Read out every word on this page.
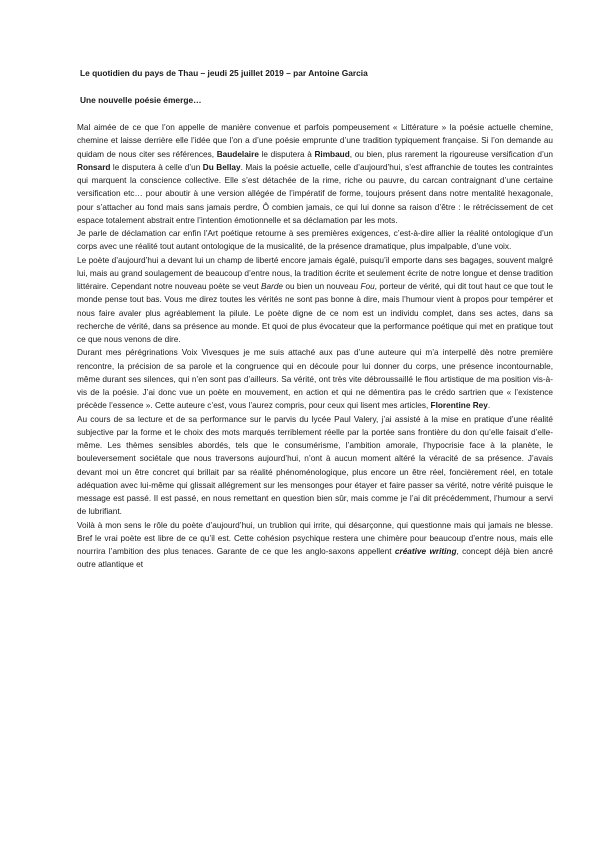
Le quotidien du pays de Thau – jeudi 25 juillet 2019 – par Antoine Garcia
Une nouvelle poésie émerge…

Mal aimée de ce que l’on appelle de manière convenue et parfois pompeusement « Littérature » la poésie actuelle chemine, chemine et laisse derrière elle l’idée que l’on a d’une poésie emprunte d’une tradition typiquement française. Si l’on demande au quidam de nous citer ses références, Baudelaire le disputera à Rimbaud, ou bien, plus rarement la rigoureuse versification d’un Ronsard le disputera à celle d’un Du Bellay. Mais la poésie actuelle, celle d’aujourd’hui, s’est affranchie de toutes les contraintes qui marquent la conscience collective. Elle s’est détachée de la rime, riche ou pauvre, du carcan contraignant d’une certaine versification etc… pour aboutir à une version allégée de l’impératif de forme, toujours présent dans notre mentalité hexagonale, pour s’attacher au fond mais sans jamais perdre, Ô combien jamais, ce qui lui donne sa raison d’être : le rétrécissement de cet espace totalement abstrait entre l’intention émotionnelle et sa déclamation par les mots.

Je parle de déclamation car enfin l’Art poétique retourne à ses premières exigences, c’est-à-dire allier la réalité ontologique d’un corps avec une réalité tout autant ontologique de la musicalité, de la présence dramatique, plus impalpable, d’une voix.

Le poète d’aujourd’hui a devant lui un champ de liberté encore jamais égalé, puisqu’il emporte dans ses bagages, souvent malgré lui, mais au grand soulagement de beaucoup d’entre nous, la tradition écrite et seulement écrite de notre longue et dense tradition littéraire. Cependant notre nouveau poète se veut Barde ou bien un nouveau Fou, porteur de vérité, qui dit tout haut ce que tout le monde pense tout bas. Vous me direz toutes les vérités ne sont pas bonne à dire, mais l’humour vient à propos pour tempérer et nous faire avaler plus agréablement la pilule. Le poète digne de ce nom est un individu complet, dans ses actes, dans sa recherche de vérité, dans sa présence au monde. Et quoi de plus évocateur que la performance poétique qui met en pratique tout ce que nous venons de dire.

Durant mes pérégrinations Voix Vivesques je me suis attaché aux pas d’une auteure qui m’a interpellé dès notre première rencontre, la précision de sa parole et la congruence qui en découle pour lui donner du corps, une présence incontournable, même durant ses silences, qui n’en sont pas d’ailleurs. Sa vérité, ont très vite débroussaillé le flou artistique de ma position vis-à-vis de la poésie. J’ai donc vue un poète en mouvement, en action et qui ne démentira pas le crédo sartrien que « l’existence précède l’essence ». Cette auteure c’est, vous l’aurez compris, pour ceux qui lisent mes articles, Florentine Rey.

Au cours de sa lecture et de sa performance sur le parvis du lycée Paul Valery, j’ai assisté à la mise en pratique d’une réalité subjective par la forme et le choix des mots marqués terriblement réelle par la portée sans frontière du don qu’elle faisait d’elle-même. Les thèmes sensibles abordés, tels que le consumérisme, l’ambition amorale, l’hypocrisie face à la planète, le bouleversement sociétale que nous traversons aujourd’hui, n’ont à aucun moment altéré la véracité de sa présence. J’avais devant moi un être concret qui brillait par sa réalité phénoménologique, plus encore un être réel, foncièrement réel, en totale adéquation avec lui-même qui glissait allégrement sur les mensonges pour étayer et faire passer sa vérité, notre vérité puisque le message est passé. Il est passé, en nous remettant en question bien sûr, mais comme je l’ai dit précédemment, l’humour a servi de lubrifiant.

Voilà à mon sens le rôle du poète d’aujourd’hui, un trublion qui irrite, qui désarçonne, qui questionne mais qui jamais ne blesse. Bref le vrai poète est libre de ce qu’il est. Cette cohésion psychique restera une chimère pour beaucoup d’entre nous, mais elle nourrira l’ambition des plus tenaces. Garante de ce que les anglo-saxons appellent créative writing, concept déjà bien ancré outre atlantique et
